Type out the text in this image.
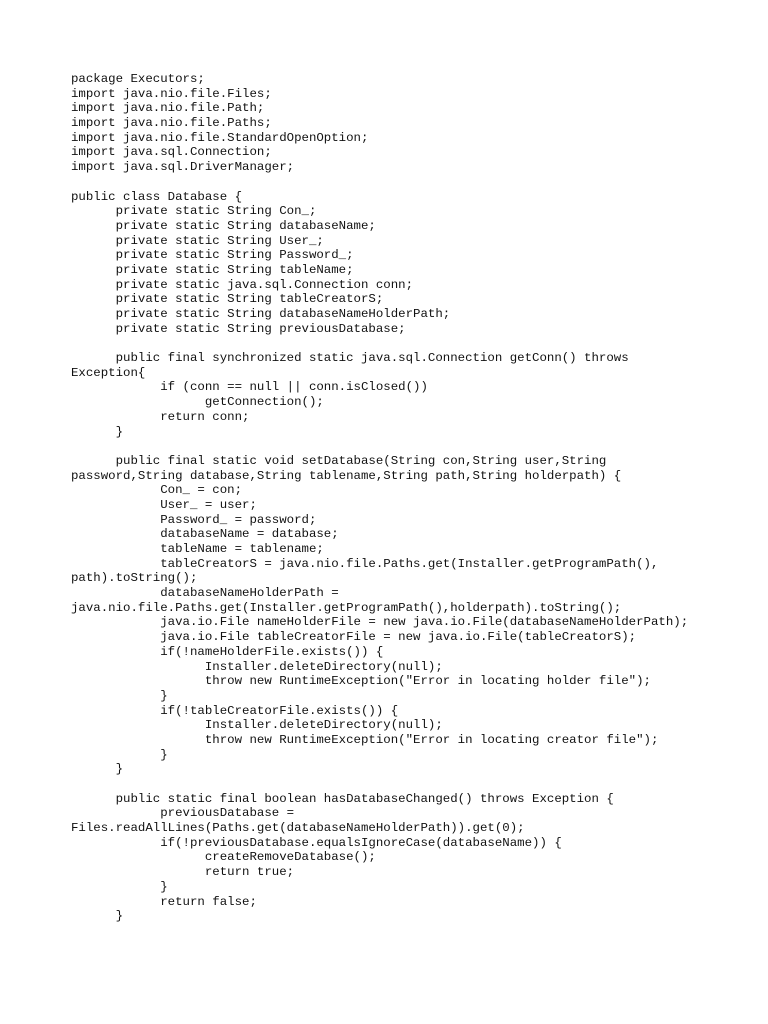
package Executors;
import java.nio.file.Files;
import java.nio.file.Path;
import java.nio.file.Paths;
import java.nio.file.StandardOpenOption;
import java.sql.Connection;
import java.sql.DriverManager;
public class Database {
private static String Con_;
private static String databaseName;
private static String User_;
private static String Password_;
private static String tableName;
private static java.sql.Connection conn;
private static String tableCreatorS;
private static String databaseNameHolderPath;
private static String previousDatabase;
public final synchronized static java.sql.Connection getConn() throws
Exception{
if (conn == null || conn.isClosed())
getConnection();
return conn;
}
public final static void setDatabase(String con,String user,String
password,String database,String tablename,String path,String holderpath) {
Con_ = con;
User_ = user;
Password_ = password;
databaseName = database;
tableName = tablename;
tableCreatorS = java.nio.file.Paths.get(Installer.getProgramPath(),
path).toString();
databaseNameHolderPath =
java.nio.file.Paths.get(Installer.getProgramPath(),holderpath).toString();
java.io.File nameHolderFile = new java.io.File(databaseNameHolderPath);
java.io.File tableCreatorFile = new java.io.File(tableCreatorS);
if(!nameHolderFile.exists()) {
Installer.deleteDirectory(null);
throw new RuntimeException("Error in locating holder file");
}
if(!tableCreatorFile.exists()) {
Installer.deleteDirectory(null);
throw new RuntimeException("Error in locating creator file");
}
}
public static final boolean hasDatabaseChanged() throws Exception {
previousDatabase =
Files.readAllLines(Paths.get(databaseNameHolderPath)).get(0);
if(!previousDatabase.equalsIgnoreCase(databaseName)) {
createRemoveDatabase();
return true;
}
return false;
}
